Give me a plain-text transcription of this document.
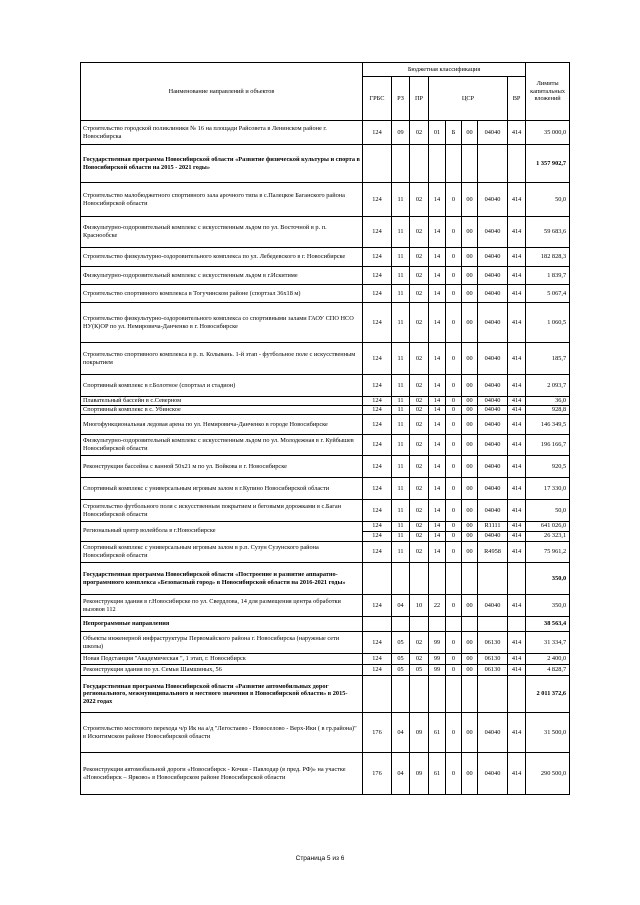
Наименование направлений и объектов	Бюджетная классификация								Лимиты капитальных вложений
	ГРБС	РЗ	ПР	ЦСР				ВР	
Строительство городской поликлиники № 16 на площади Райсовета в Ленинском районе г. Новосибирска	124	09	02	01	Б	00	04040	414	35 000,0
Государственная программа Новосибирской области «Развитие физической культуры и спорта в Новосибирской области на 2015 - 2021 годы»									1 357 902,7
Строительство малобюджетного спортивного зала арочного типа в с.Палецкое Баганского района Новосибирской области	124	11	02	14	0	00	04040	414	50,0
Физкультурно-оздоровительный комплекс с искусственным льдом по ул. Восточной в р. п. Краснообске	124	11	02	14	0	00	04040	414	59 683,6
Строительство физкультурно-оздоровительного комплекса по ул. Лебедевского в г. Новосибирске	124	11	02	14	0	00	04040	414	182 828,3
Физкультурно-оздоровительный комплекс с искусственным льдом в г.Искитиме	124	11	02	14	0	00	04040	414	1 839,7
Строительство спортивного комплекса в Тогучинском районе (спортзал 36х18 м)	124	11	02	14	0	00	04040	414	5 067,4
Строительство физкультурно-оздоровительного комплекса со спортивными залами ГАОУ СПО НСО НУ(К)ОР по ул. Немировича-Данченко в г. Новосибирске	124	11	02	14	0	00	04040	414	1 060,5
Строительство спортивного комплекса в р. п. Колывань. 1-й этап - футбольное поле с искусственным покрытием	124	11	02	14	0	00	04040	414	185,7
Спортивный комплекс в г.Болотное (спортзал и стадион)	124	11	02	14	0	00	04040	414	2 093,7
Плавательный бассейн в с.Северном	124	11	02	14	0	00	04040	414	36,0
Спортивный комплекс в с. Убинское	124	11	02	14	0	00	04040	414	928,8
Многофункциональная ледовая арена по ул. Немировича-Данченко в городе Новосибирске	124	11	02	14	0	00	04040	414	146 349,5
Физкультурно-оздоровительный комплекс с искусственным льдом по ул. Молодежная в г. Куйбышев Новосибирской области	124	11	02	14	0	00	04040	414	196 166,7
Реконструкция бассейна с ванной 50х21 м по ул. Войкова в г. Новосибирске	124	11	02	14	0	00	04040	414	920,5
Спортивный комплекс с универсальным игровым залом в г.Купино Новосибирской области	124	11	02	14	0	00	04040	414	17 330,0
Строительство футбольного поля с искусственным покрытием и беговыми дорожками в с.Баган Новосибирской области	124	11	02	14	0	00	04040	414	50,0
Региональный центр волейбола в г.Новосибирске	124	11	02	14	0	00	R1111	414	641 026,0
	124	11	02	14	0	00	04040	414	26 323,1
Спортивный комплекс с универсальным игровым залом в р.п. Сузун Сузунского района Новосибирской области	124	11	02	14	0	00	R4958	414	75 961,2
Государственная программа Новосибирской области «Построение и развитие аппаратно-программного комплекса «Безопасный город» в Новосибирской области на 2016-2021 годы»									350,0
Реконструкция здания в г.Новосибирске по ул. Свердлова, 14 для размещения центра обработки вызовов 112	124	04	10	22	0	00	04040	414	350,0
Непрограммные направления									38 563,4
Объекты инженерной инфраструктуры Первомайского района г. Новосибирска (наружные сети школы)	124	05	02	99	0	00	06130	414	31 334,7
Новая Подстанция "Академическая ", 1 этап, г. Новосибирск	124	05	02	99	0	00	06130	414	2 400,0
Реконструкция здания по ул. Семьи Шамшиных, 56	124	05	05	99	0	00	06130	414	4 828,7
Государственная программа Новосибирской области «Развитие автомобильных дорог регионального, межмуниципального и местного значения в Новосибирской области» в 2015-2022 годах									2 011 372,6
Строительство мостового перехода ч/р Ик на а/д "Легостаево - Новоселово - Верх-Ики ( в гр.района)" в Искитимском районе Новосибирской области	176	04	09	61	0	00	04040	414	31 500,0
Реконструкция автомобильной дороги «Новосибирск - Кочки - Павлодар (в пред. РФ)» на участке «Новосибирск – Ярково» в Новосибирском районе Новосибирской области	176	04	09	61	0	00	04040	414	290 500,0
Страница 5 из 6
